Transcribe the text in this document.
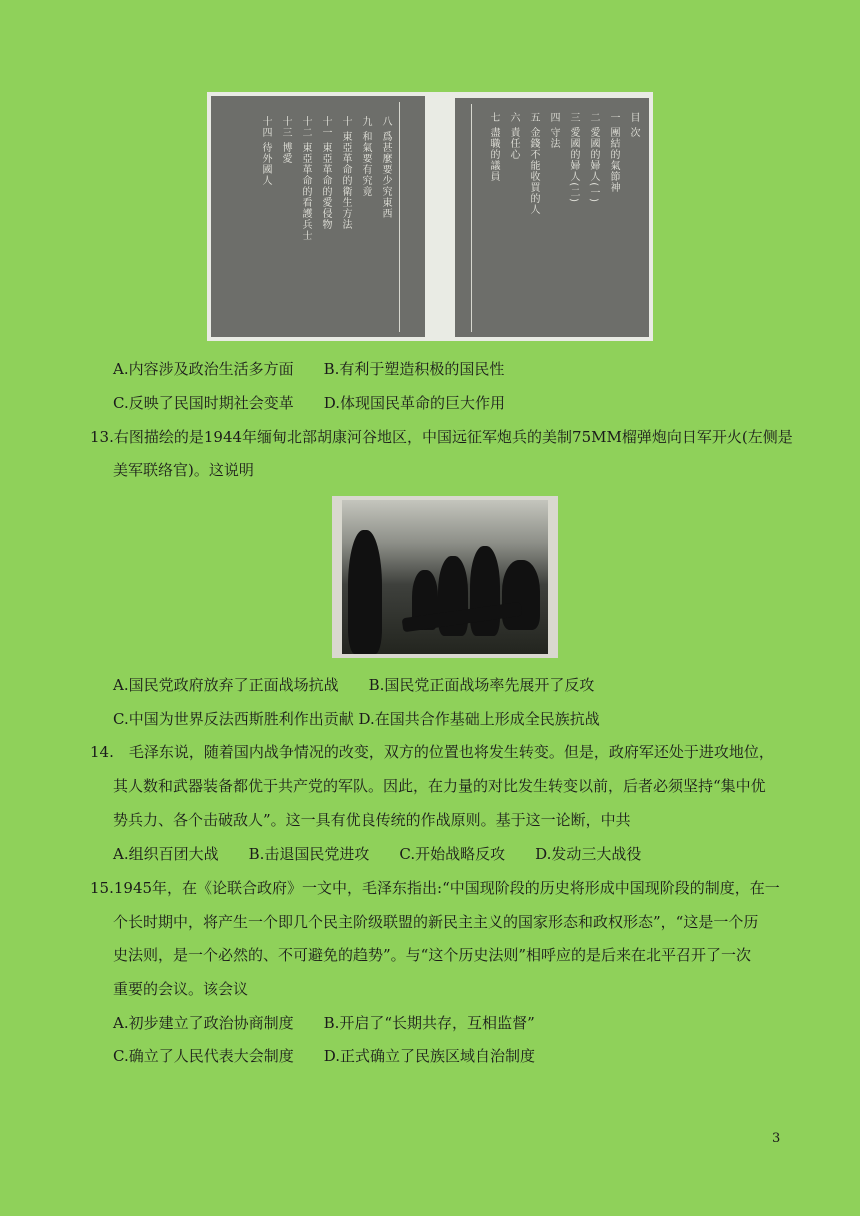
八 爲甚麼要少究東西
九 和氣要有究竟
十 東亞革命的衛生方法
十一 東亞革命的愛侵物
十二 東亞革命的看護兵士
十三 博愛
十四 待外國人
目 次
一 團結的氣節神
二 愛國的婦人(一)
三 愛國的婦人(二)
四 守法
五 金錢不能收買的人
六 責任心
七 盡職的議員
A.内容涉及政治生活多方面　　B.有利于塑造积极的国民性
C.反映了民国时期社会变革　　D.体现国民革命的巨大作用
13.右图描绘的是1944年缅甸北部胡康河谷地区，中国远征军炮兵的美制75MM榴弹炮向日军开火(左侧是
美军联络官)。这说明
A.国民党政府放弃了正面战场抗战　　B.国民党正面战场率先展开了反攻
C.中国为世界反法西斯胜利作出贡献 D.在国共合作基础上形成全民族抗战
14.　毛泽东说，随着国内战争情况的改变，双方的位置也将发生转变。但是，政府军还处于进攻地位，
其人数和武器装备都优于共产党的军队。因此，在力量的对比发生转变以前，后者必须坚持“集中优
势兵力、各个击破敌人”。这一具有优良传统的作战原则。基于这一论断，中共
A.组织百团大战　　B.击退国民党进攻　　C.开始战略反攻　　D.发动三大战役
15.1945年，在《论联合政府》一文中，毛泽东指出:“中国现阶段的历史将形成中国现阶段的制度，在一
个长时期中，将产生一个即几个民主阶级联盟的新民主主义的国家形态和政权形态”，“这是一个历
史法则，是一个必然的、不可避免的趋势”。与“这个历史法则”相呼应的是后来在北平召开了一次
重要的会议。该会议
A.初步建立了政治协商制度　　B.开启了“长期共存，互相监督”
C.确立了人民代表大会制度　　D.正式确立了民族区域自治制度
3
